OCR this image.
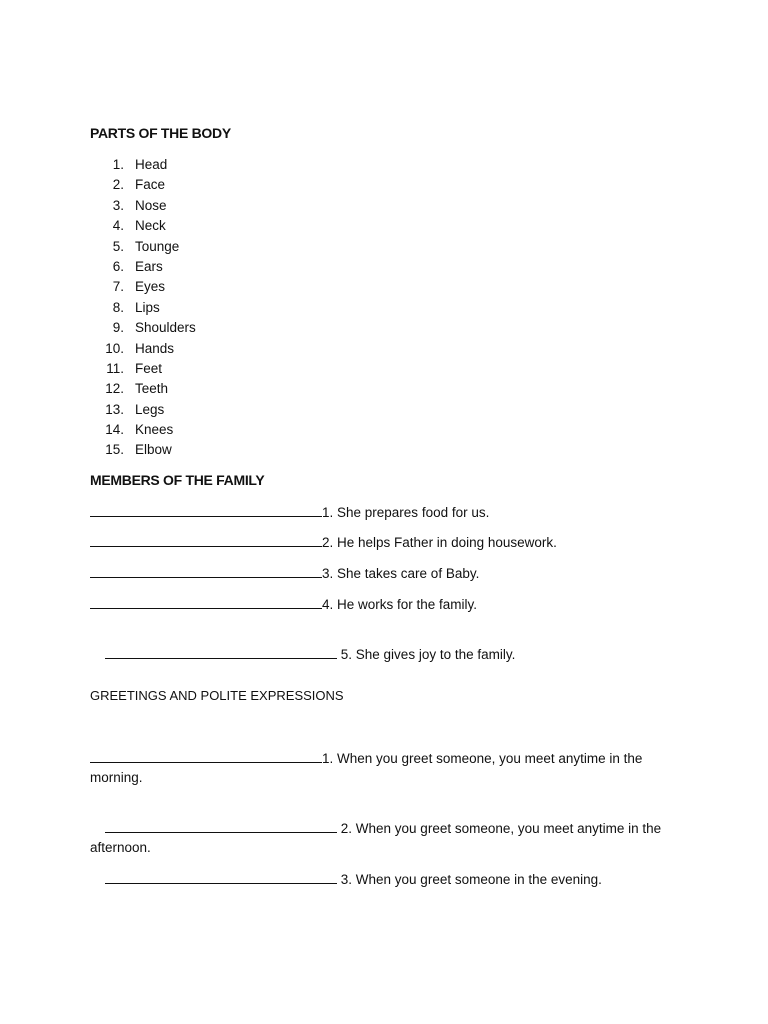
PARTS OF THE BODY
1. Head
2. Face
3. Nose
4. Neck
5. Tounge
6. Ears
7. Eyes
8. Lips
9. Shoulders
10. Hands
11. Feet
12. Teeth
13. Legs
14. Knees
15. Elbow
MEMBERS OF THE FAMILY
1. She prepares food for us.
2. He helps Father in doing housework.
3. She takes care of Baby.
4. He works for the family.

5. She gives joy to the family.

GREETINGS AND POLITE EXPRESSIONS
1. When you greet someone, you meet anytime in the morning.

2. When you greet someone, you meet anytime in the afternoon.

3. When you greet someone in the evening.
